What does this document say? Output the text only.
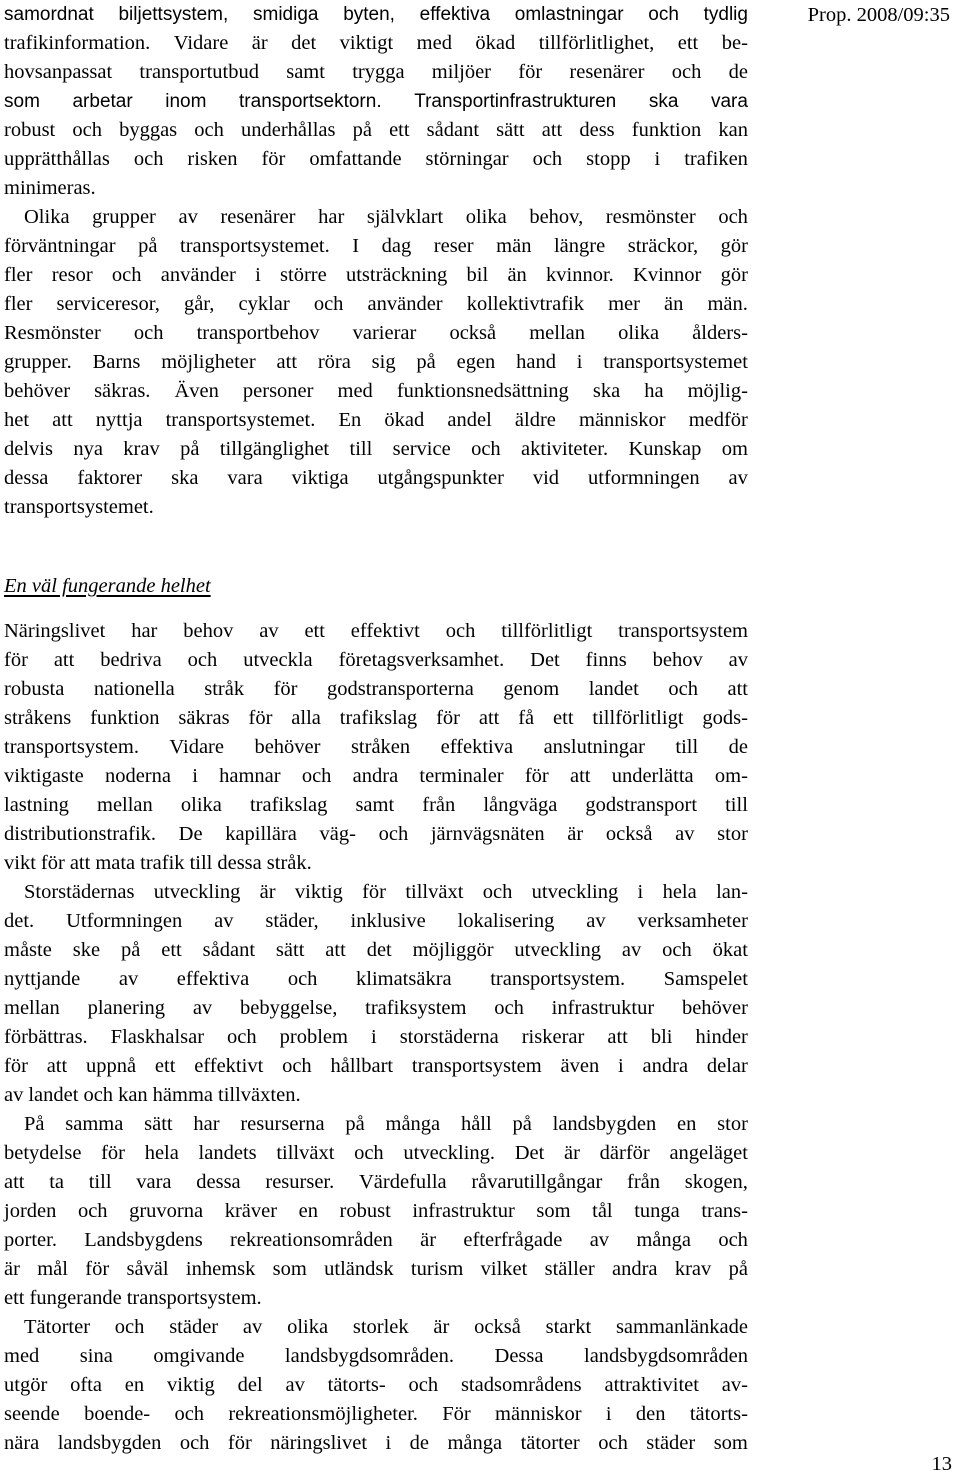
Prop. 2008/09:35
samordnat biljettsystem, smidiga byten, effektiva omlastningar och tydlig
trafikinformation. Vidare är det viktigt med ökad tillförlitlighet, ett be-
hovsanpassat transportutbud samt trygga miljöer för resenärer och de
som arbetar inom transportsektorn. Transportinfrastrukturen ska vara
robust och byggas och underhållas på ett sådant sätt att dess funktion kan
upprätthållas och risken för omfattande störningar och stopp i trafiken
minimeras.
Olika grupper av resenärer har självklart olika behov, resmönster och
förväntningar på transportsystemet. I dag reser män längre sträckor, gör
fler resor och använder i större utsträckning bil än kvinnor. Kvinnor gör
fler serviceresor, går, cyklar och använder kollektivtrafik mer än män.
Resmönster och transportbehov varierar också mellan olika ålders-
grupper. Barns möjligheter att röra sig på egen hand i transportsystemet
behöver säkras. Även personer med funktionsnedsättning ska ha möjlig-
het att nyttja transportsystemet. En ökad andel äldre människor medför
delvis nya krav på tillgänglighet till service och aktiviteter. Kunskap om
dessa faktorer ska vara viktiga utgångspunkter vid utformningen av
transportsystemet.
En väl fungerande helhet
Näringslivet har behov av ett effektivt och tillförlitligt transportsystem
för att bedriva och utveckla företagsverksamhet. Det finns behov av
robusta nationella stråk för godstransporterna genom landet och att
stråkens funktion säkras för alla trafikslag för att få ett tillförlitligt gods-
transportsystem. Vidare behöver stråken effektiva anslutningar till de
viktigaste noderna i hamnar och andra terminaler för att underlätta om-
lastning mellan olika trafikslag samt från långväga godstransport till
distributionstrafik. De kapillära väg- och järnvägsnäten är också av stor
vikt för att mata trafik till dessa stråk.
Storstädernas utveckling är viktig för tillväxt och utveckling i hela lan-
det. Utformningen av städer, inklusive lokalisering av verksamheter
måste ske på ett sådant sätt att det möjliggör utveckling av och ökat
nyttjande av effektiva och klimatsäkra transportsystem. Samspelet
mellan planering av bebyggelse, trafiksystem och infrastruktur behöver
förbättras. Flaskhalsar och problem i storstäderna riskerar att bli hinder
för att uppnå ett effektivt och hållbart transportsystem även i andra delar
av landet och kan hämma tillväxten.
På samma sätt har resurserna på många håll på landsbygden en stor
betydelse för hela landets tillväxt och utveckling. Det är därför angeläget
att ta till vara dessa resurser. Värdefulla råvarutillgångar från skogen,
jorden och gruvorna kräver en robust infrastruktur som tål tunga trans-
porter. Landsbygdens rekreationsområden är efterfrågade av många och
är mål för såväl inhemsk som utländsk turism vilket ställer andra krav på
ett fungerande transportsystem.
Tätorter och städer av olika storlek är också starkt sammanlänkade
med sina omgivande landsbygdsområden. Dessa landsbygdsområden
utgör ofta en viktig del av tätorts- och stadsområdens attraktivitet av-
seende boende- och rekreationsmöjligheter. För människor i den tätorts-
nära landsbygden och för näringslivet i de många tätorter och städer som
13
